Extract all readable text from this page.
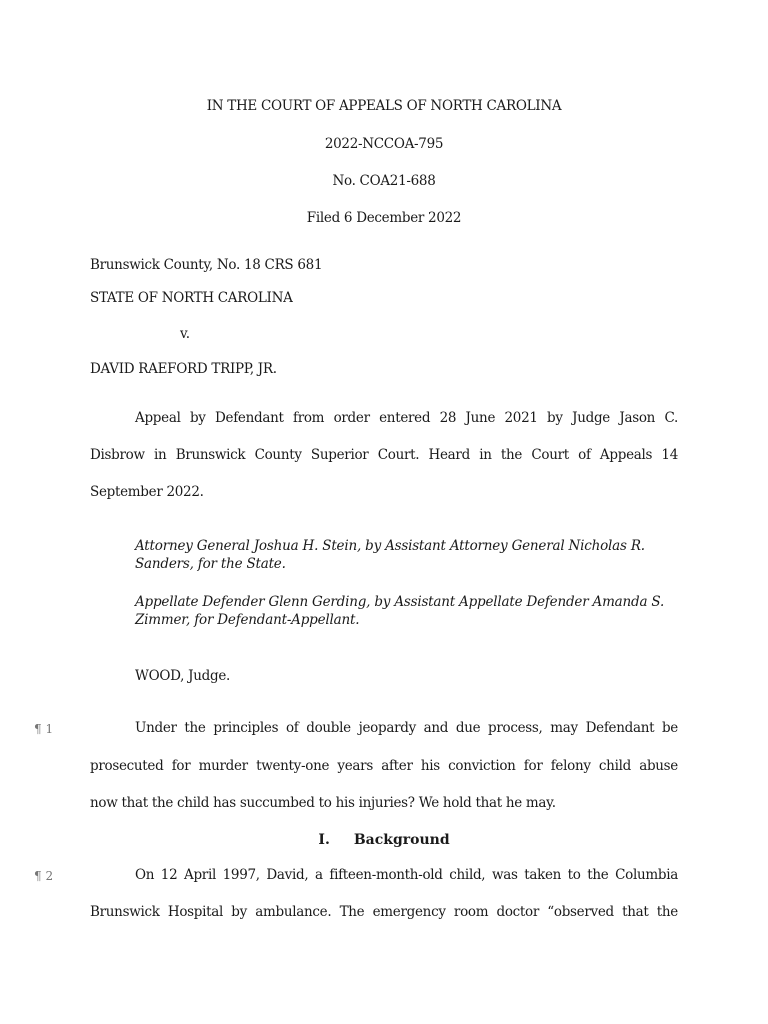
IN THE COURT OF APPEALS OF NORTH CAROLINA

2022-NCCOA-795

No. COA21-688

Filed 6 December 2022

Brunswick County, No. 18 CRS 681

STATE OF NORTH CAROLINA

v.

DAVID RAEFORD TRIPP, JR.

Appeal by Defendant from order entered 28 June 2021 by Judge Jason C.

Disbrow in Brunswick County Superior Court. Heard in the Court of Appeals 14

September 2022.

Attorney General Joshua H. Stein, by Assistant Attorney General Nicholas R.

Sanders, for the State.

Appellate Defender Glenn Gerding, by Assistant Appellate Defender Amanda S.

Zimmer, for Defendant-Appellant.

WOOD, Judge.

¶ 1	Under the principles of double jeopardy and due process, may Defendant be

prosecuted for murder twenty-one years after his conviction for felony child abuse

now that the child has succumbed to his injuries? We hold that he may.

I. Background

¶ 2	On 12 April 1997, David, a fifteen-month-old child, was taken to the Columbia

Brunswick Hospital by ambulance. The emergency room doctor “observed that the
